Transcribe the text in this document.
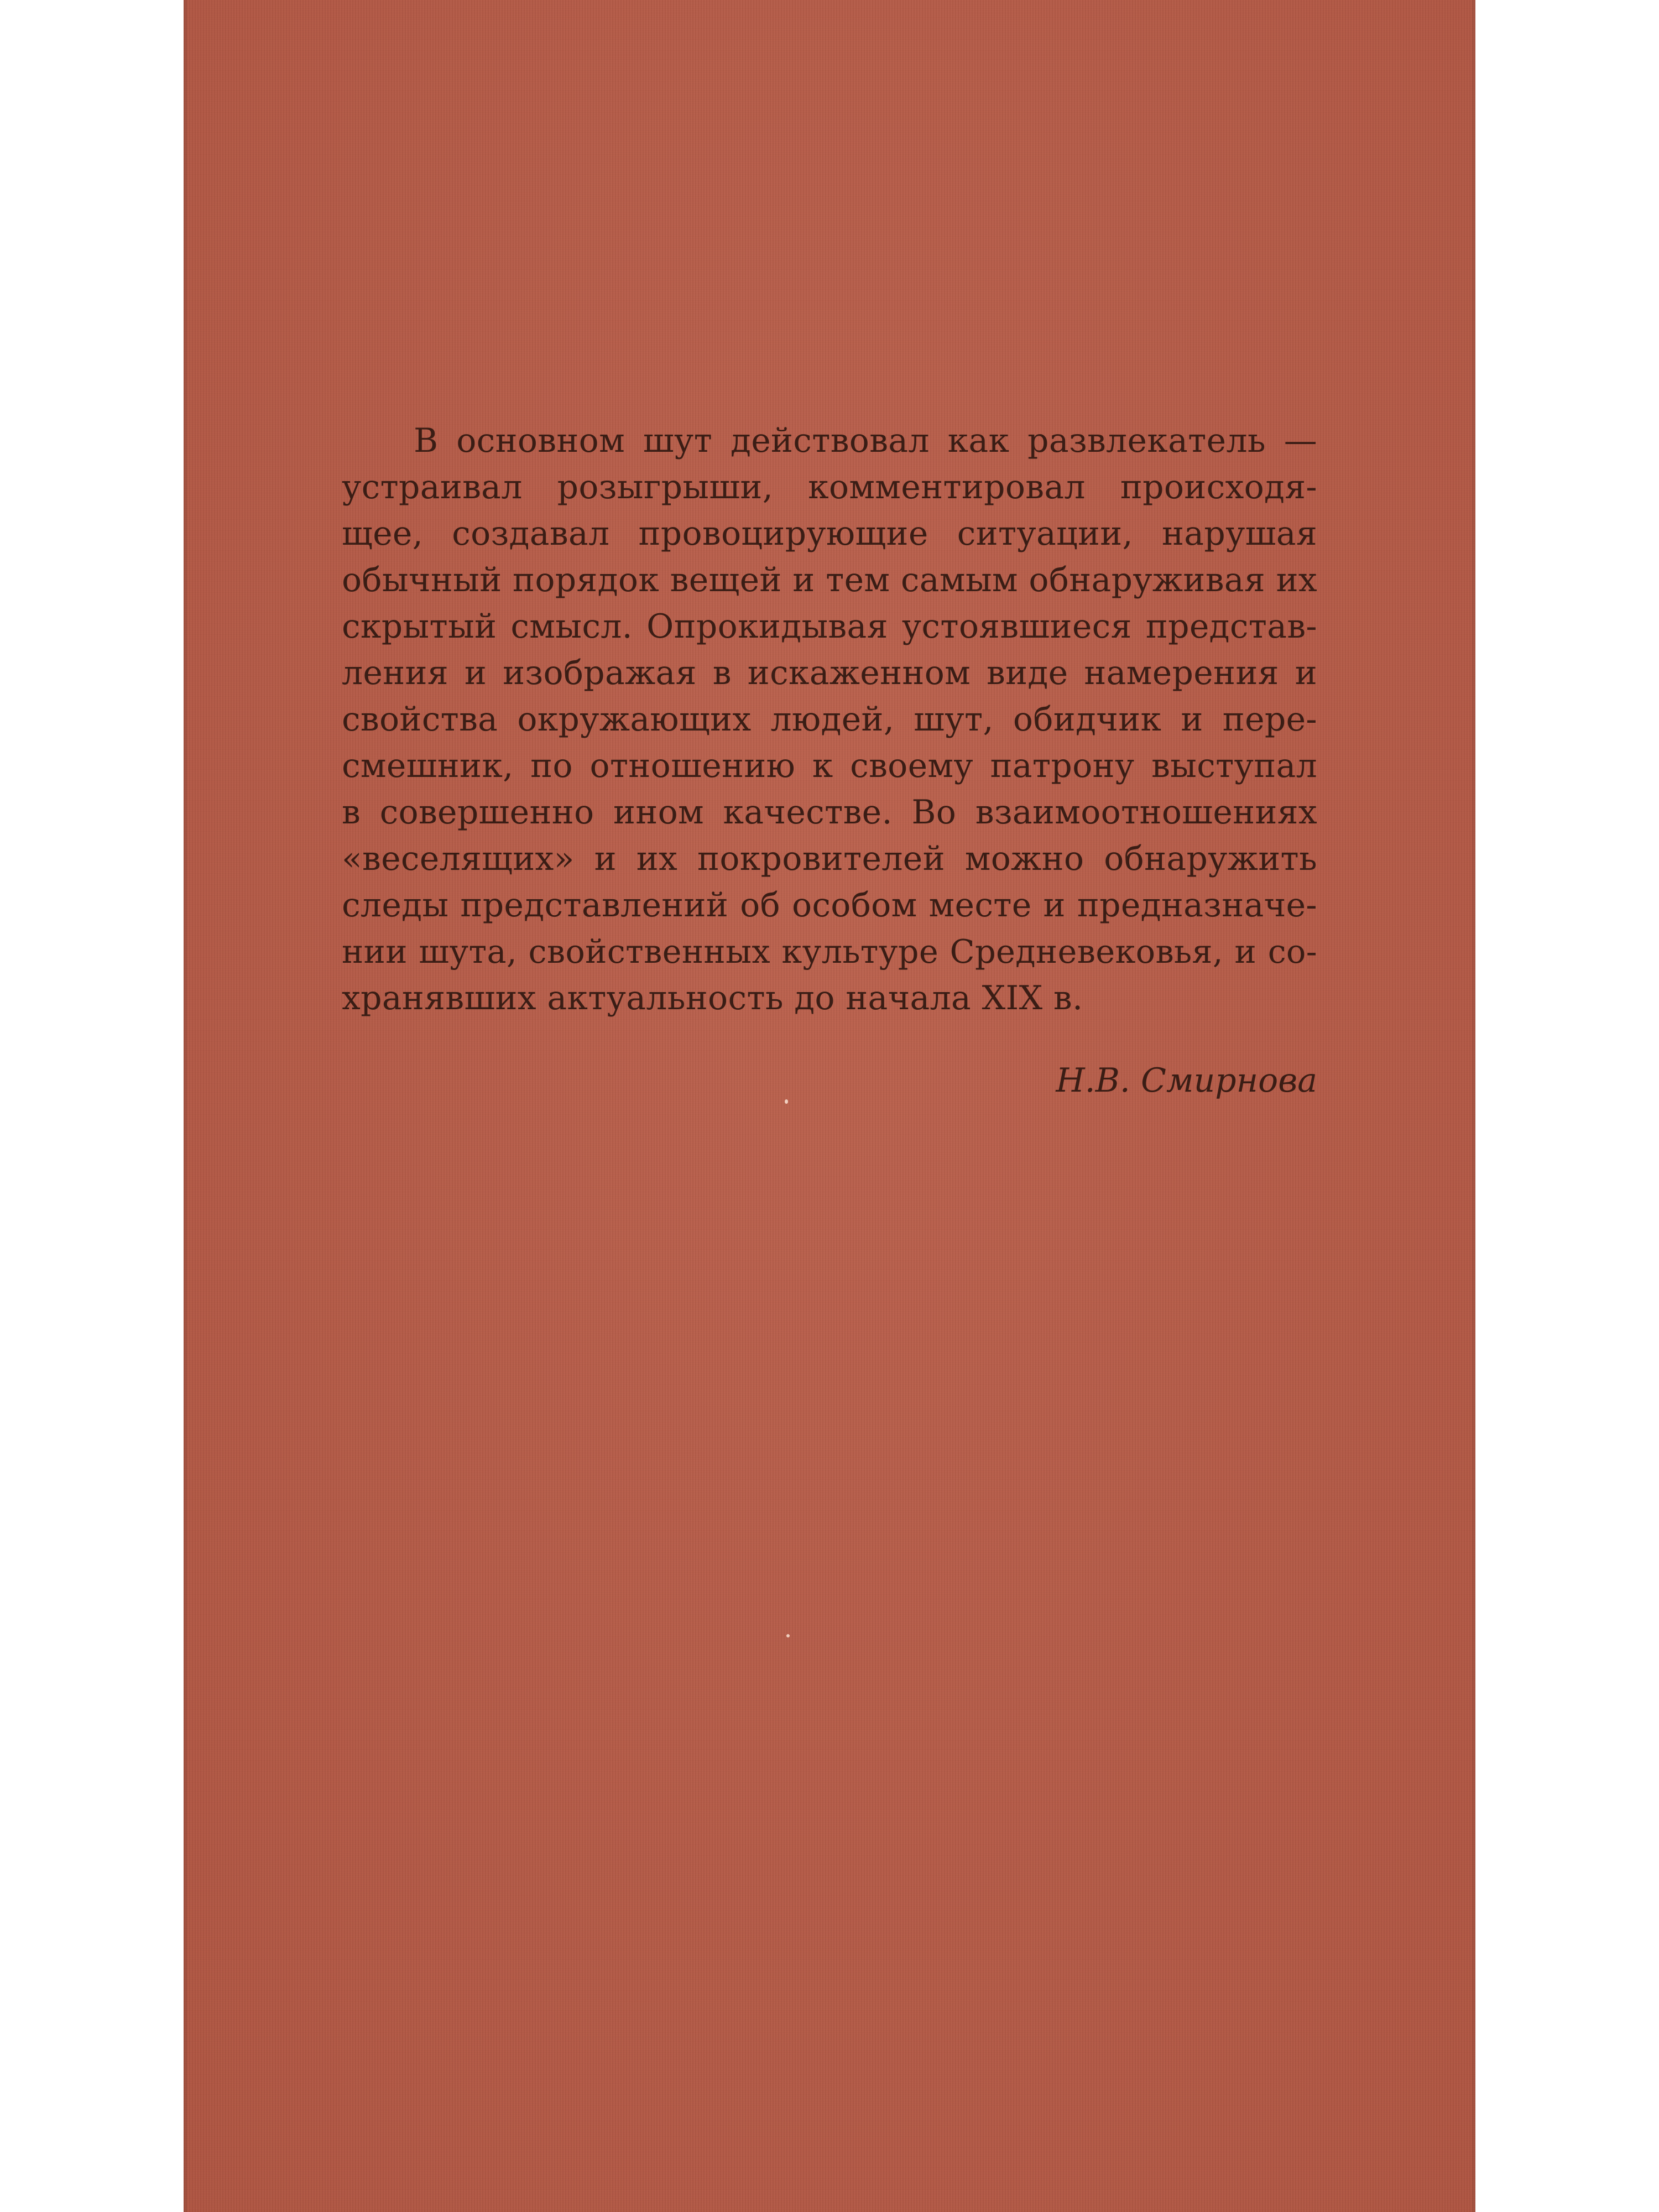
В основном шут действовал как развлекатель —
устраивал розыгрыши, комментировал происходя-
щее, создавал провоцирующие ситуации, нарушая
обычный порядок вещей и тем самым обнаруживая их
скрытый смысл. Опрокидывая устоявшиеся представ-
ления и изображая в искаженном виде намерения и
свойства окружающих людей, шут, обидчик и пере-
смешник, по отношению к своему патрону выступал
в совершенно ином качестве. Во взаимоотношениях
«веселящих» и их покровителей можно обнаружить
следы представлений об особом месте и предназначе-
нии шута, свойственных культуре Средневековья, и со-
хранявших актуальность до начала XIX в.
Н.В. Смирнова
